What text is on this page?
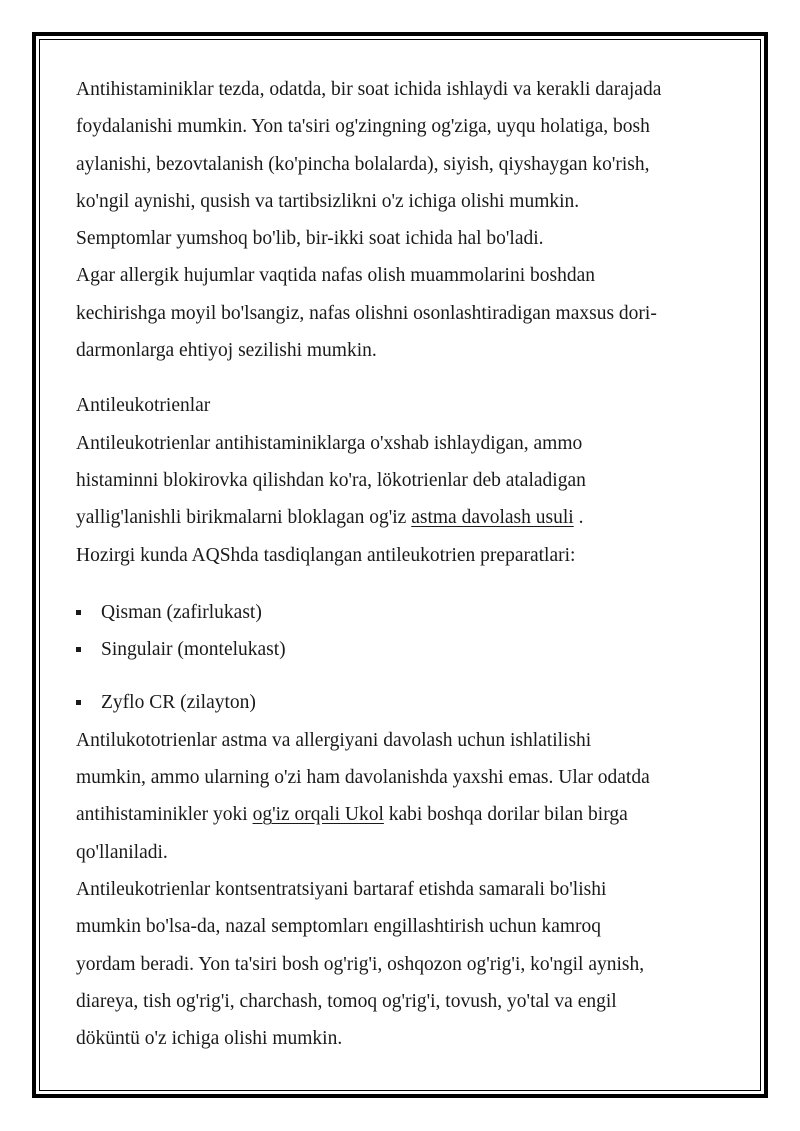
Antihistaminiklar tezda, odatda, bir soat ichida ishlaydi va kerakli darajada

foydalanishi mumkin. Yon ta'siri og'zingning og'ziga, uyqu holatiga, bosh

aylanishi, bezovtalanish (ko'pincha bolalarda), siyish, qiyshaygan ko'rish,

ko'ngil aynishi, qusish va tartibsizlikni o'z ichiga olishi mumkin.

Semptomlar yumshoq bo'lib, bir-ikki soat ichida hal bo'ladi.

Agar allergik hujumlar vaqtida nafas olish muammolarini boshdan

kechirishga moyil bo'lsangiz, nafas olishni osonlashtiradigan maxsus dori-

darmonlarga ehtiyoj sezilishi mumkin.

Antileukotrienlar

Antileukotrienlar antihistaminiklarga o'xshab ishlaydigan, ammo

histaminni blokirovka qilishdan ko'ra, lökotrienlar deb ataladigan

yallig'lanishli birikmalarni bloklagan og'iz astma davolash usuli .

Hozirgi kunda AQShda tasdiqlangan antileukotrien preparatlari:

Qisman (zafirlukast)
Singulair (montelukast)
Zyflo CR (zilayton)

Antilukototrienlar astma va allergiyani davolash uchun ishlatilishi

mumkin, ammo ularning o'zi ham davolanishda yaxshi emas. Ular odatda

antihistaminikler yoki og'iz orqali Ukol kabi boshqa dorilar bilan birga

qo'llaniladi.

Antileukotrienlar kontsentratsiyani bartaraf etishda samarali bo'lishi

mumkin bo'lsa-da, nazal semptomları engillashtirish uchun kamroq

yordam beradi. Yon ta'siri bosh og'rig'i, oshqozon og'rig'i, ko'ngil aynish,

diareya, tish og'rig'i, charchash, tomoq og'rig'i, tovush, yo'tal va engil

döküntü o'z ichiga olishi mumkin.
